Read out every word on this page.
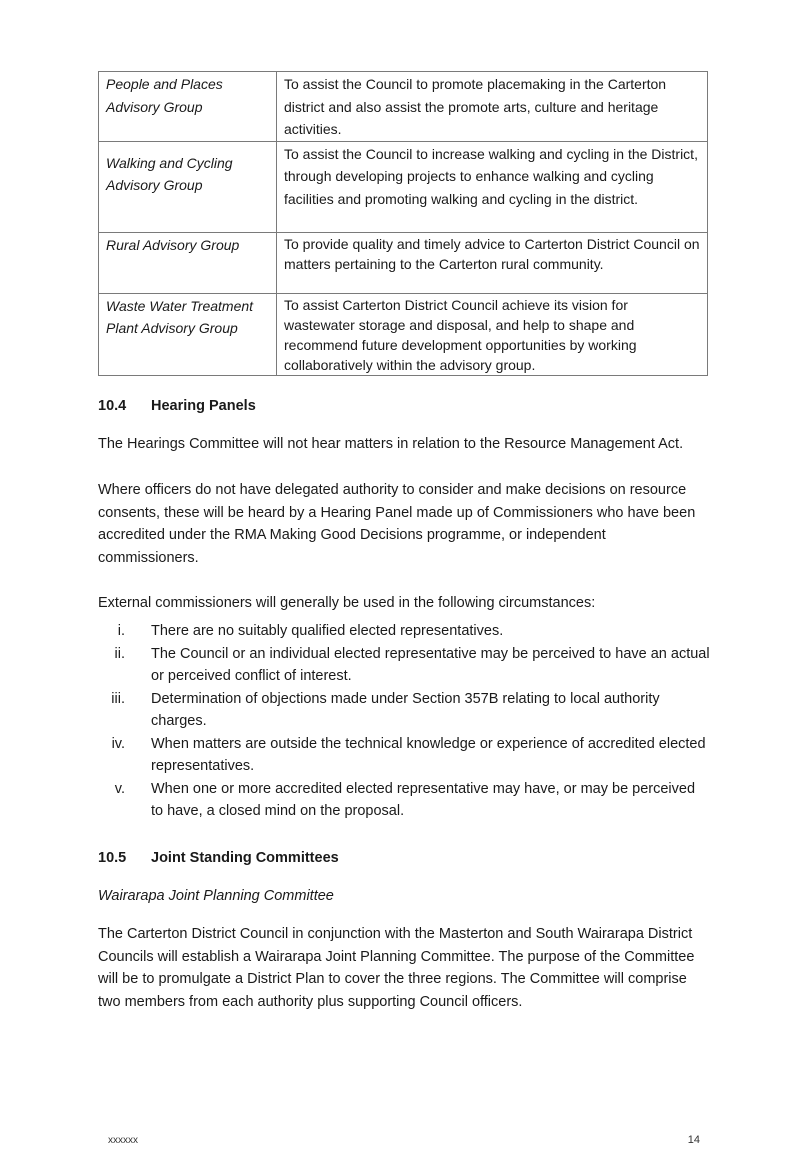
People and Places Advisory Group	To assist the Council to promote placemaking in the Carterton district and also assist the promote arts, culture and heritage activities.
Walking and Cycling Advisory Group	To assist the Council to increase walking and cycling in the District, through developing projects to enhance walking and cycling facilities and promoting walking and cycling in the district.
Rural Advisory Group	To provide quality and timely advice to Carterton District Council on matters pertaining to the Carterton rural community.
Waste Water Treatment Plant Advisory Group	To assist Carterton District Council achieve its vision for wastewater storage and disposal, and help to shape and recommend future development opportunities by working collaboratively within the advisory group.
10.4 Hearing Panels
The Hearings Committee will not hear matters in relation to the Resource Management Act.
Where officers do not have delegated authority to consider and make decisions on resource consents, these will be heard by a Hearing Panel made up of Commissioners who have been accredited under the RMA Making Good Decisions programme, or independent commissioners.
External commissioners will generally be used in the following circumstances:
i. There are no suitably qualified elected representatives.
ii. The Council or an individual elected representative may be perceived to have an actual or perceived conflict of interest.
iii. Determination of objections made under Section 357B relating to local authority charges.
iv. When matters are outside the technical knowledge or experience of accredited elected representatives.
v. When one or more accredited elected representative may have, or may be perceived to have, a closed mind on the proposal.
10.5 Joint Standing Committees
Wairarapa Joint Planning Committee
The Carterton District Council in conjunction with the Masterton and South Wairarapa District Councils will establish a Wairarapa Joint Planning Committee. The purpose of the Committee will be to promulgate a District Plan to cover the three regions. The Committee will comprise two members from each authority plus supporting Council officers.
xxxxxx	14
